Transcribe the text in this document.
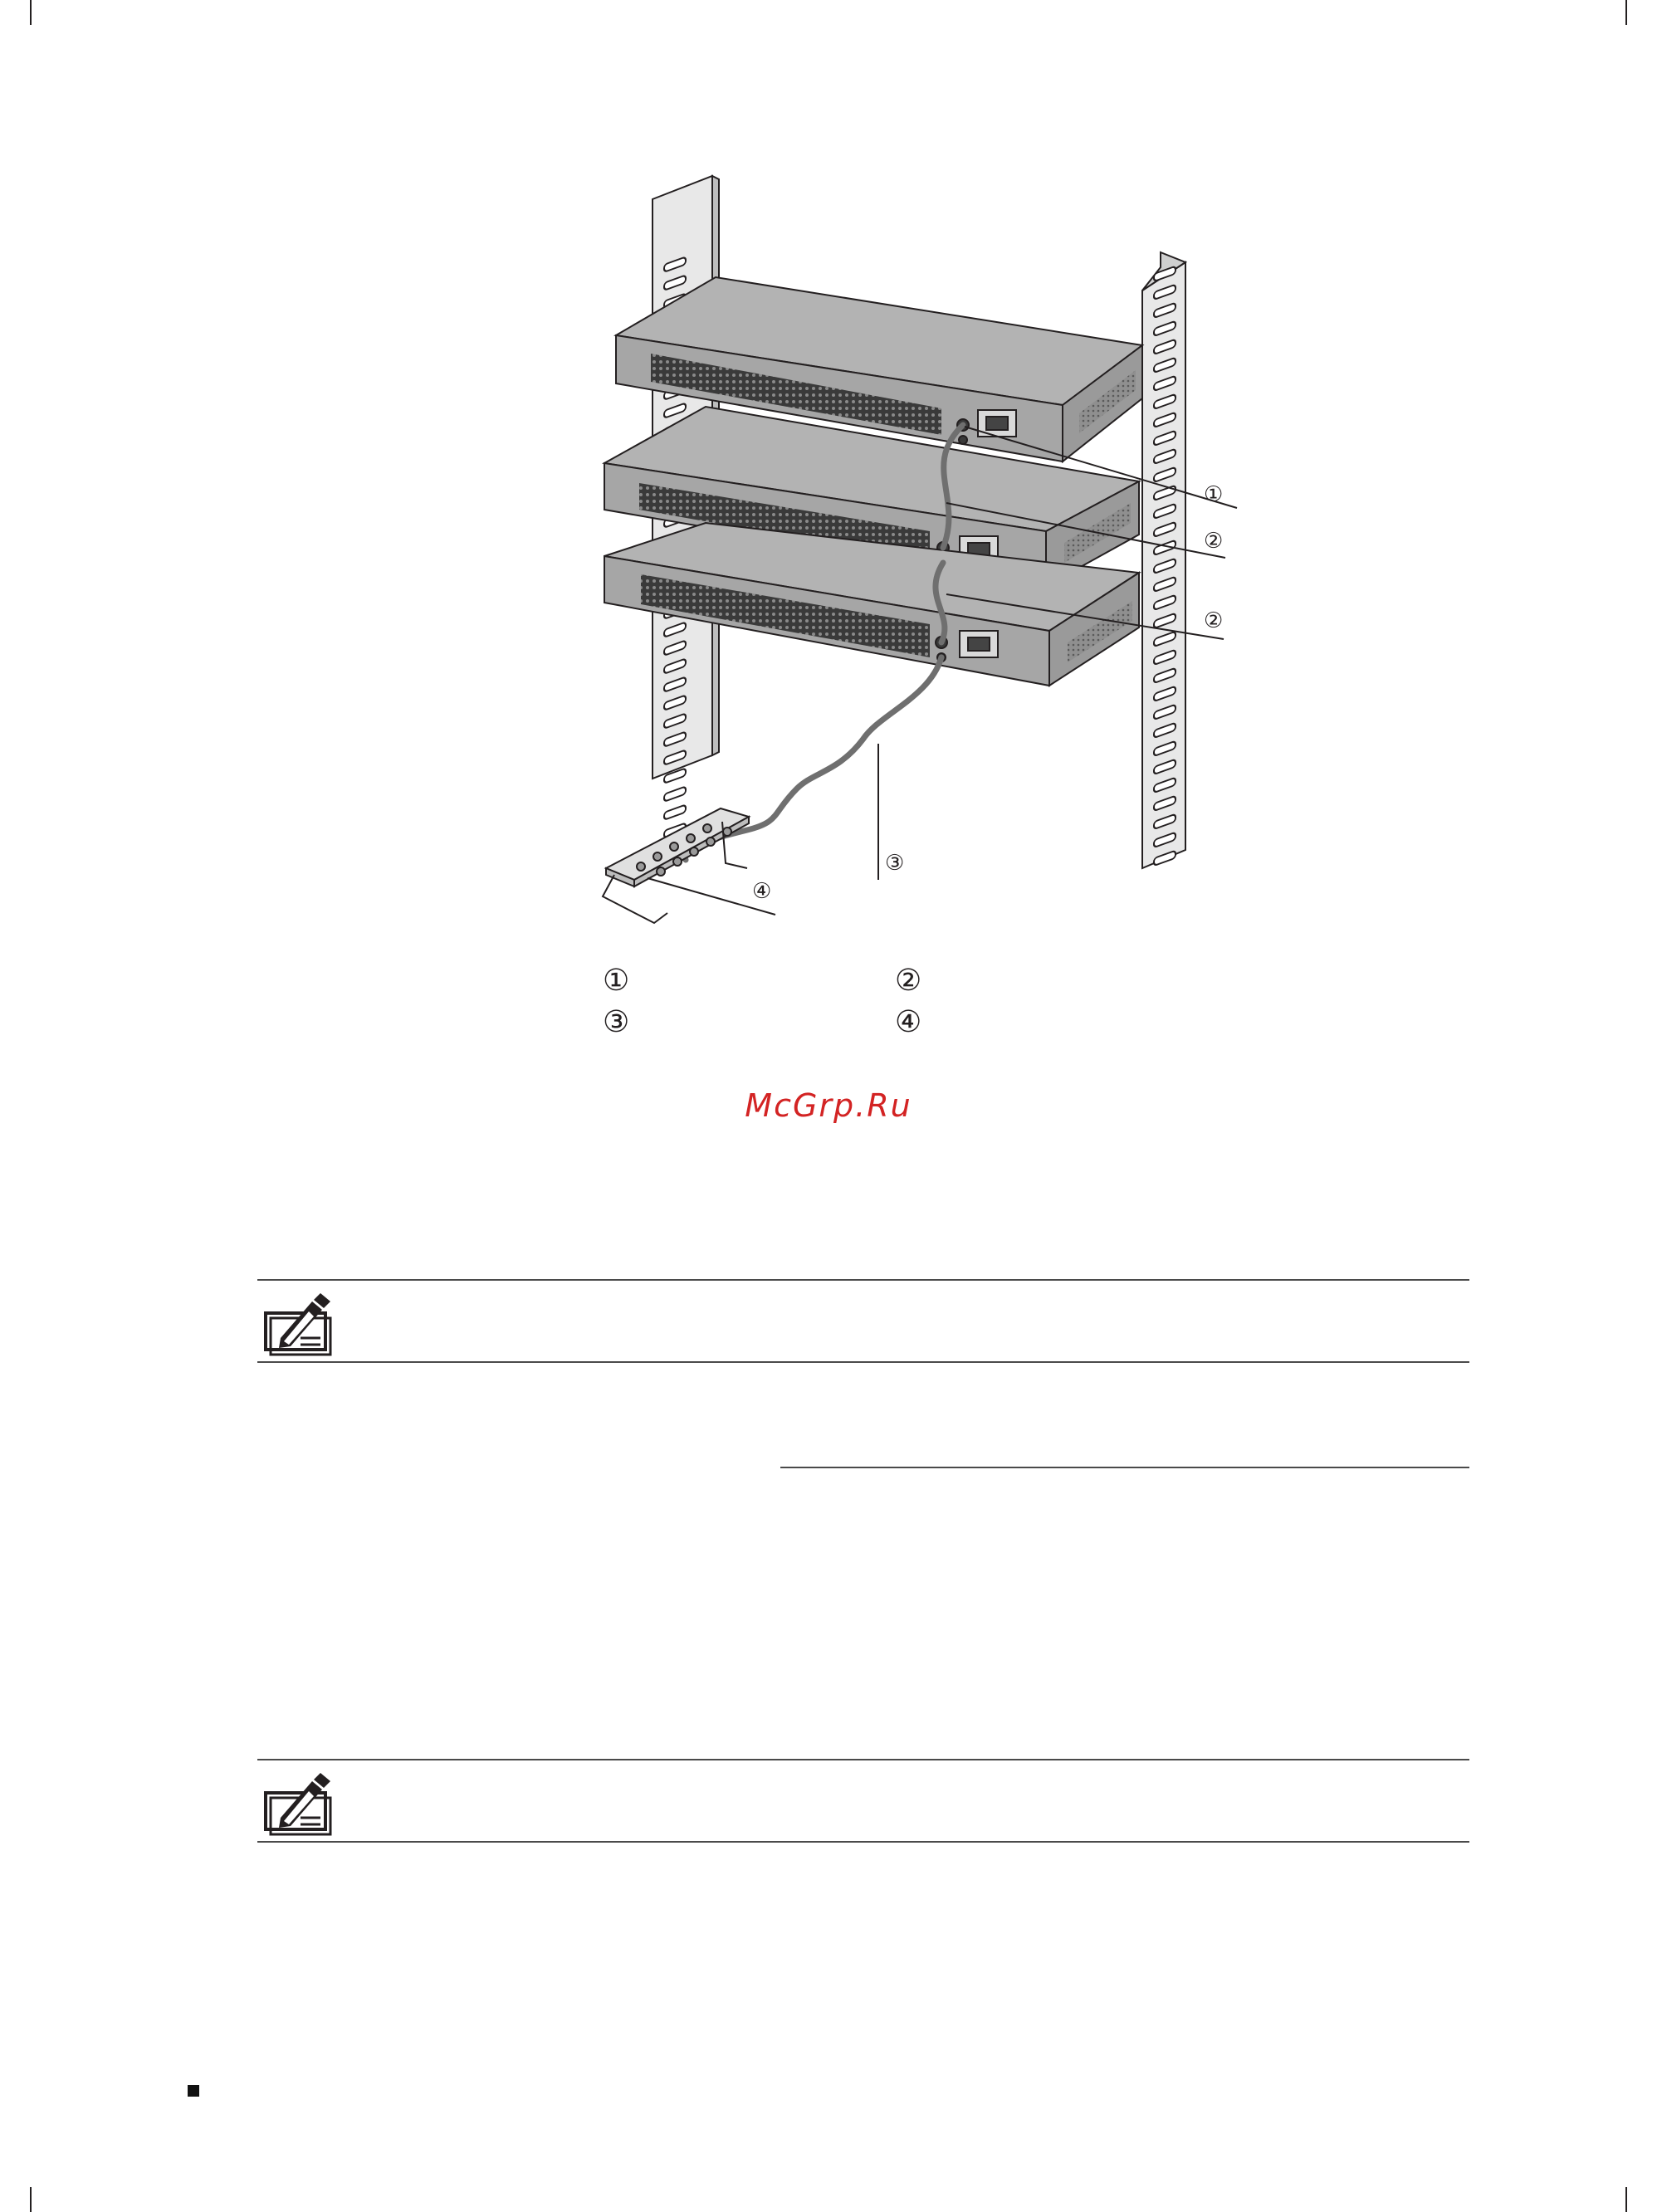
①
②
②
③
④
①	②
③	④
McGrp.Ru
